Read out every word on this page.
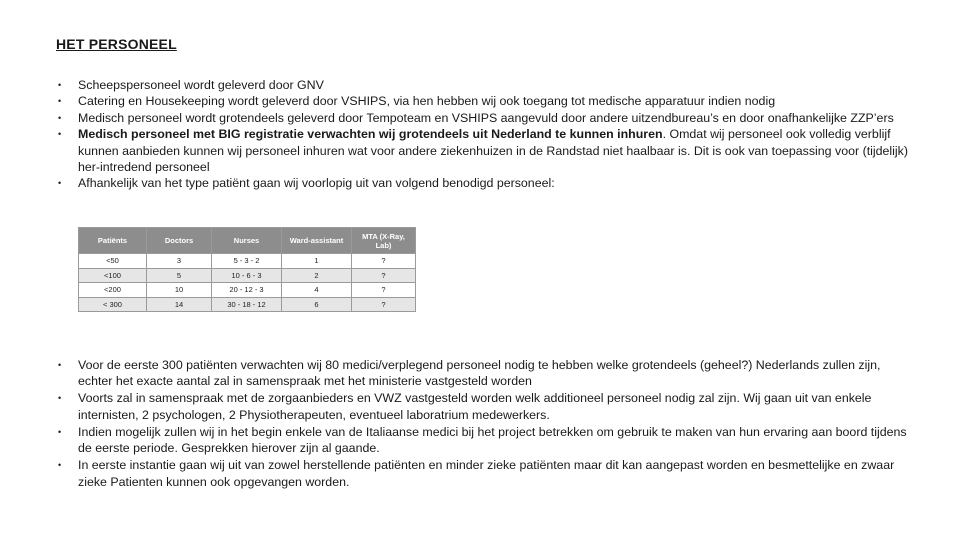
HET PERSONEEL
• Scheepspersoneel wordt geleverd door GNV
• Catering en Housekeeping wordt geleverd door VSHIPS, via hen hebben wij ook toegang tot medische apparatuur indien nodig
• Medisch personeel wordt grotendeels geleverd door Tempoteam en VSHIPS aangevuld door andere uitzendbureau’s en door onafhankelijke ZZP’ers
• Medisch personeel met BIG registratie verwachten wij grotendeels uit Nederland te kunnen inhuren. Omdat wij personeel ook volledig verblijf kunnen aanbieden kunnen wij personeel inhuren wat voor andere ziekenhuizen in de Randstad niet haalbaar is. Dit is ook van toepassing voor (tijdelijk) her-intredend personeel
• Afhankelijk van het type patiënt gaan wij voorlopig uit van volgend benodigd personeel:
Patiënts	Doctors	Nurses	Ward-assistant	MTA (X-Ray, Lab)
<50	3	5 - 3 - 2	1	?
<100	5	10 - 6 - 3	2	?
<200	10	20 - 12 - 3	4	?
< 300	14	30 - 18 - 12	6	?
• Voor de eerste 300 patiënten verwachten wij 80 medici/verplegend personeel nodig te hebben welke grotendeels (geheel?) Nederlands zullen zijn, echter het exacte aantal zal in samenspraak met het ministerie vastgesteld worden
• Voorts zal in samenspraak met de zorgaanbieders en VWZ vastgesteld worden welk additioneel personeel nodig zal zijn. Wij gaan uit van enkele internisten, 2 psychologen, 2 Physiotherapeuten, eventueel laboratrium medewerkers.
• Indien mogelijk zullen wij in het begin enkele van de Italiaanse medici bij het project betrekken om gebruik te maken van hun ervaring aan boord tijdens de eerste periode. Gesprekken hierover zijn al gaande.
• In eerste instantie gaan wij uit van zowel herstellende patiënten en minder zieke patiënten maar dit kan aangepast worden en besmettelijke en zwaar zieke Patienten kunnen ook opgevangen worden.
